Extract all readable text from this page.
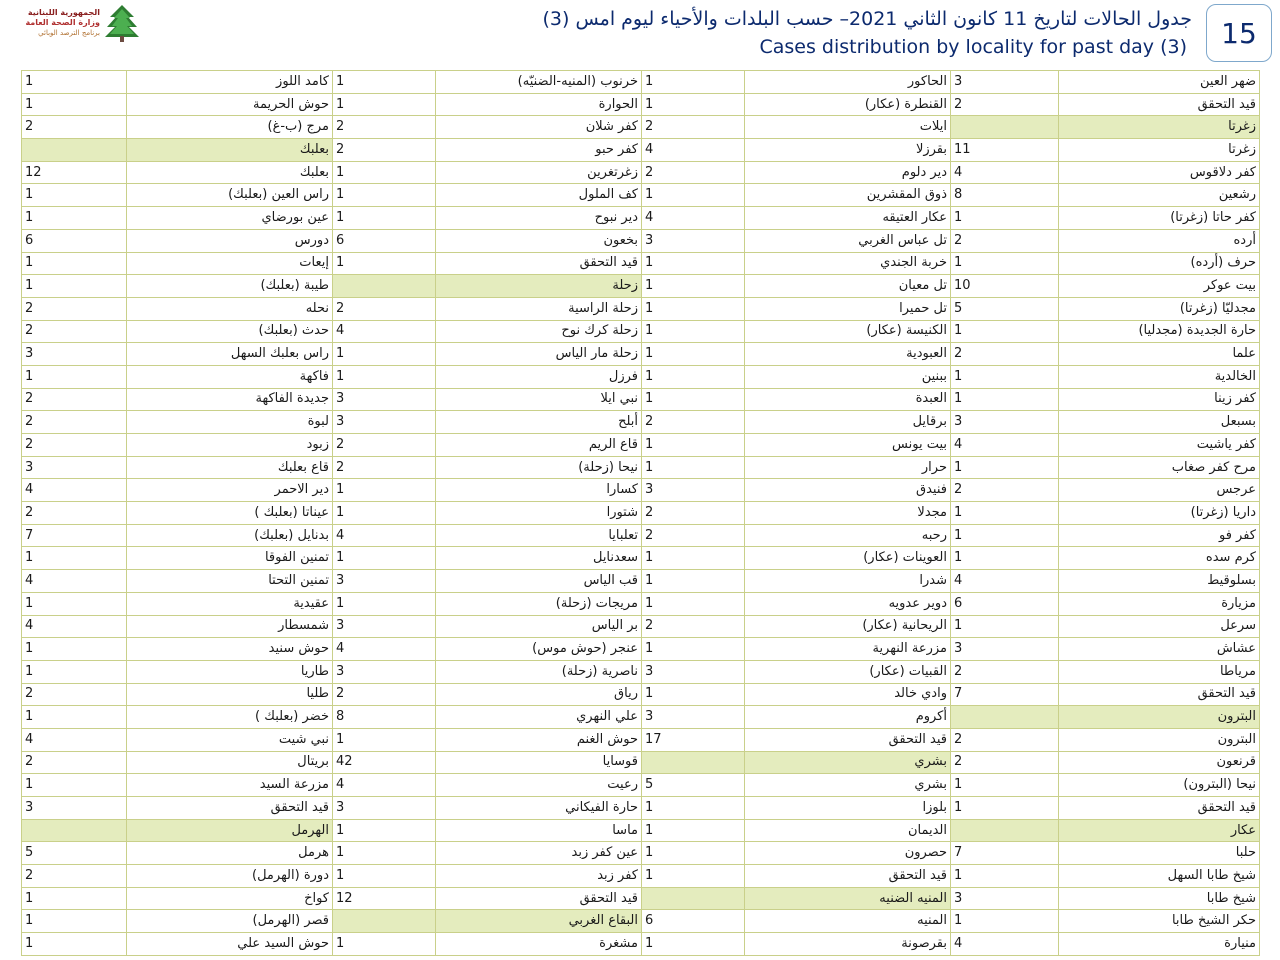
الجمهورية اللبنانية
وزارة الصحة العامة
برنامج الترصد الوبائي
جدول الحالات لتاريخ 11 كانون الثاني 2021– حسب البلدات والأحياء ليوم امس (3)
Cases distribution by locality for past day (3)	15
ضهر العين	3	الحاكور	1	خرنوب (المنيه-الضنيّه)	1	كامد اللوز	1
قيد التحقق	2	القنطرة (عكار)	1	الحوارة	1	حوش الحريمة	1
زغرتا		ايلات	2	كفر شلان	2	مرج (ب-غ)	2
زغرتا	11	بقرزلا	4	كفر حبو	2	بعلبك	
كفر دلاقوس	4	دير دلوم	2	زغرتغرين	1	بعلبك	12
رشعين	8	ذوق المقشرين	1	كف الملول	1	راس العين (بعلبك)	1
كفر حاتا (زغرتا)	1	عكار العتيقه	4	دير نبوح	1	عين بورضاي	1
أرده	2	تل عباس الغربي	3	بخعون	6	دورس	6
حرف (أرده)	1	خربة الجندي	1	قيد التحقق	1	إيعات	1
بيت عوكر	10	تل معيان	1	زحلة		طيبة (بعلبك)	1
مجدليّا (زغرتا)	5	تل حميرا	1	زحلة الراسية	2	نحله	2
حارة الجديدة (مجدليا)	1	الكنيسة (عكار)	1	زحلة كرك نوح	4	حدث (بعلبك)	2
علما	2	العبودية	1	زحلة مار الياس	1	راس بعلبك السهل	3
الخالدية	1	ببنين	1	فرزل	1	فاكهة	1
كفر زينا	1	العبدة	1	نبي ايلا	3	جديدة الفاكهة	2
بسبعل	3	برقايل	2	أبلح	3	لبوة	2
كفر ياشيت	4	بيت يونس	1	قاع الريم	2	زبود	2
مرح كفر صغاب	1	حرار	1	نيحا (زحلة)	2	قاع بعلبك	3
عرجس	2	فنيدق	3	كسارا	1	دير الاحمر	4
داريا (زغرتا)	1	مجدلا	2	شتورا	1	عيناتا (بعلبك )	2
كفر فو	1	رحبه	2	تعلبايا	4	بدنايل (بعلبك)	7
كرم سده	1	العوينات (عكار)	1	سعدنايل	1	تمنين الفوقا	1
بسلوقيط	4	شدرا	1	قب الياس	3	تمنين التحتا	4
مزيارة	6	دوير عدويه	1	مريجات (زحلة)	1	عقيدية	1
سرعل	1	الريحانية (عكار)	2	بر الياس	3	شمسطار	4
عشاش	3	مزرعة النهرية	1	عنجر (حوش موس)	4	حوش سنيد	1
مرياطا	2	القبيات (عكار)	3	ناصرية (زحلة)	3	طاريا	1
قيد التحقق	7	وادي خالد	1	رياق	2	طليا	2
البترون		أكروم	3	علي النهري	8	خضر (بعلبك )	1
البترون	2	قيد التحقق	17	حوش الغنم	1	نبي شيت	4
قرنعون	2	بشري		قوسايا	42	بريتال	2
نيحا (البترون)	1	بشري	5	رعيت	4	مزرعة السيد	1
قيد التحقق	1	بلوزا	1	حارة الفيكاني	3	قيد التحقق	3
عكار		الديمان	1	ماسا	1	الهرمل	
حلبا	7	حصرون	1	عين كفر زبد	1	هرمل	5
شيخ طابا السهل	1	قيد التحقق	1	كفر زبد	1	دورة (الهرمل)	2
شيخ طابا	3	المنيه الضنيه		قيد التحقق	12	كواخ	1
حكر الشيخ طابا	1	المنيه	6	البقاع الغربي		قصر (الهرمل)	1
منيارة	4	بقرصونة	1	مشغرة	1	حوش السيد علي	1
